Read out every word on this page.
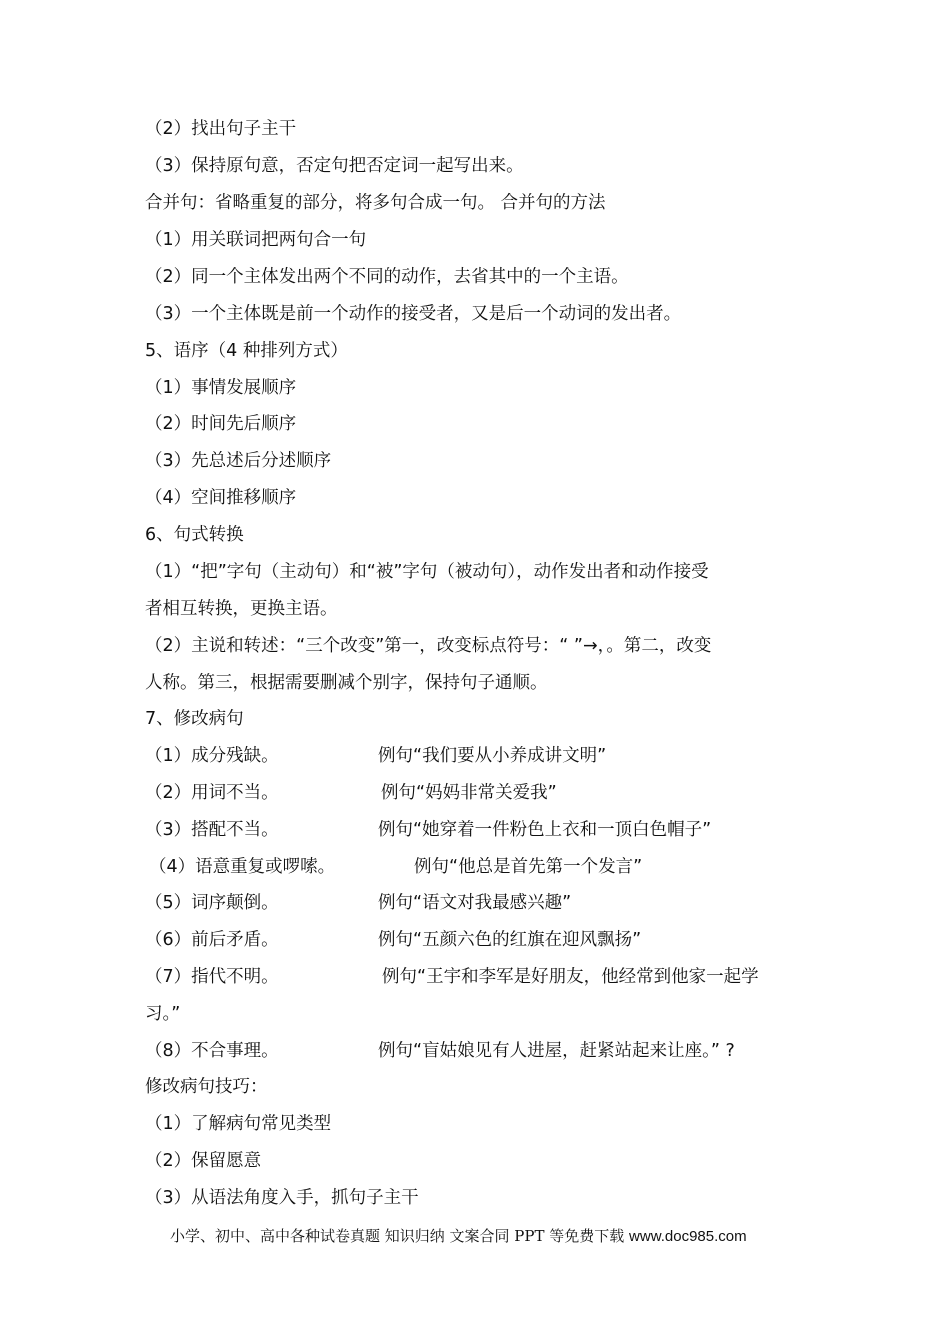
（2）找出句子主干
（3）保持原句意，否定句把否定词一起写出来。
合并句：省略重复的部分，将多句合成一句。 合并句的方法
（1）用关联词把两句合一句
（2）同一个主体发出两个不同的动作，去省其中的一个主语。
（3）一个主体既是前一个动作的接受者，又是后一个动词的发出者。
5、语序（4 种排列方式）
（1）事情发展顺序
（2）时间先后顺序
（3）先总述后分述顺序
（4）空间推移顺序
6、句式转换
（1）“把”字句（主动句）和“被”字句（被动句），动作发出者和动作接受
者相互转换，更换主语。
（2）主说和转述：“三个改变”第一，改变标点符号：“ ”→，。第二，改变
人称。第三，根据需要删减个别字，保持句子通顺。
7、修改病句
（1）成分残缺。	例句“我们要从小养成讲文明”
（2）用词不当。	例句“妈妈非常关爱我”
（3）搭配不当。	例句“她穿着一件粉色上衣和一顶白色帽子”
（4）语意重复或啰嗦。	例句“他总是首先第一个发言”
（5）词序颠倒。	例句“语文对我最感兴趣”
（6）前后矛盾。	例句“五颜六色的红旗在迎风飘扬”
（7）指代不明。	例句“王宇和李军是好朋友，他经常到他家一起学
习。”
（8）不合事理。	例句“盲姑娘见有人进屋，赶紧站起来让座。” ?
修改病句技巧：
（1）了解病句常见类型
（2）保留愿意
（3）从语法角度入手，抓句子主干
小学、初中、高中各种试卷真题 知识归纳 文案合同 PPT 等免费下载 www.doc985.com
